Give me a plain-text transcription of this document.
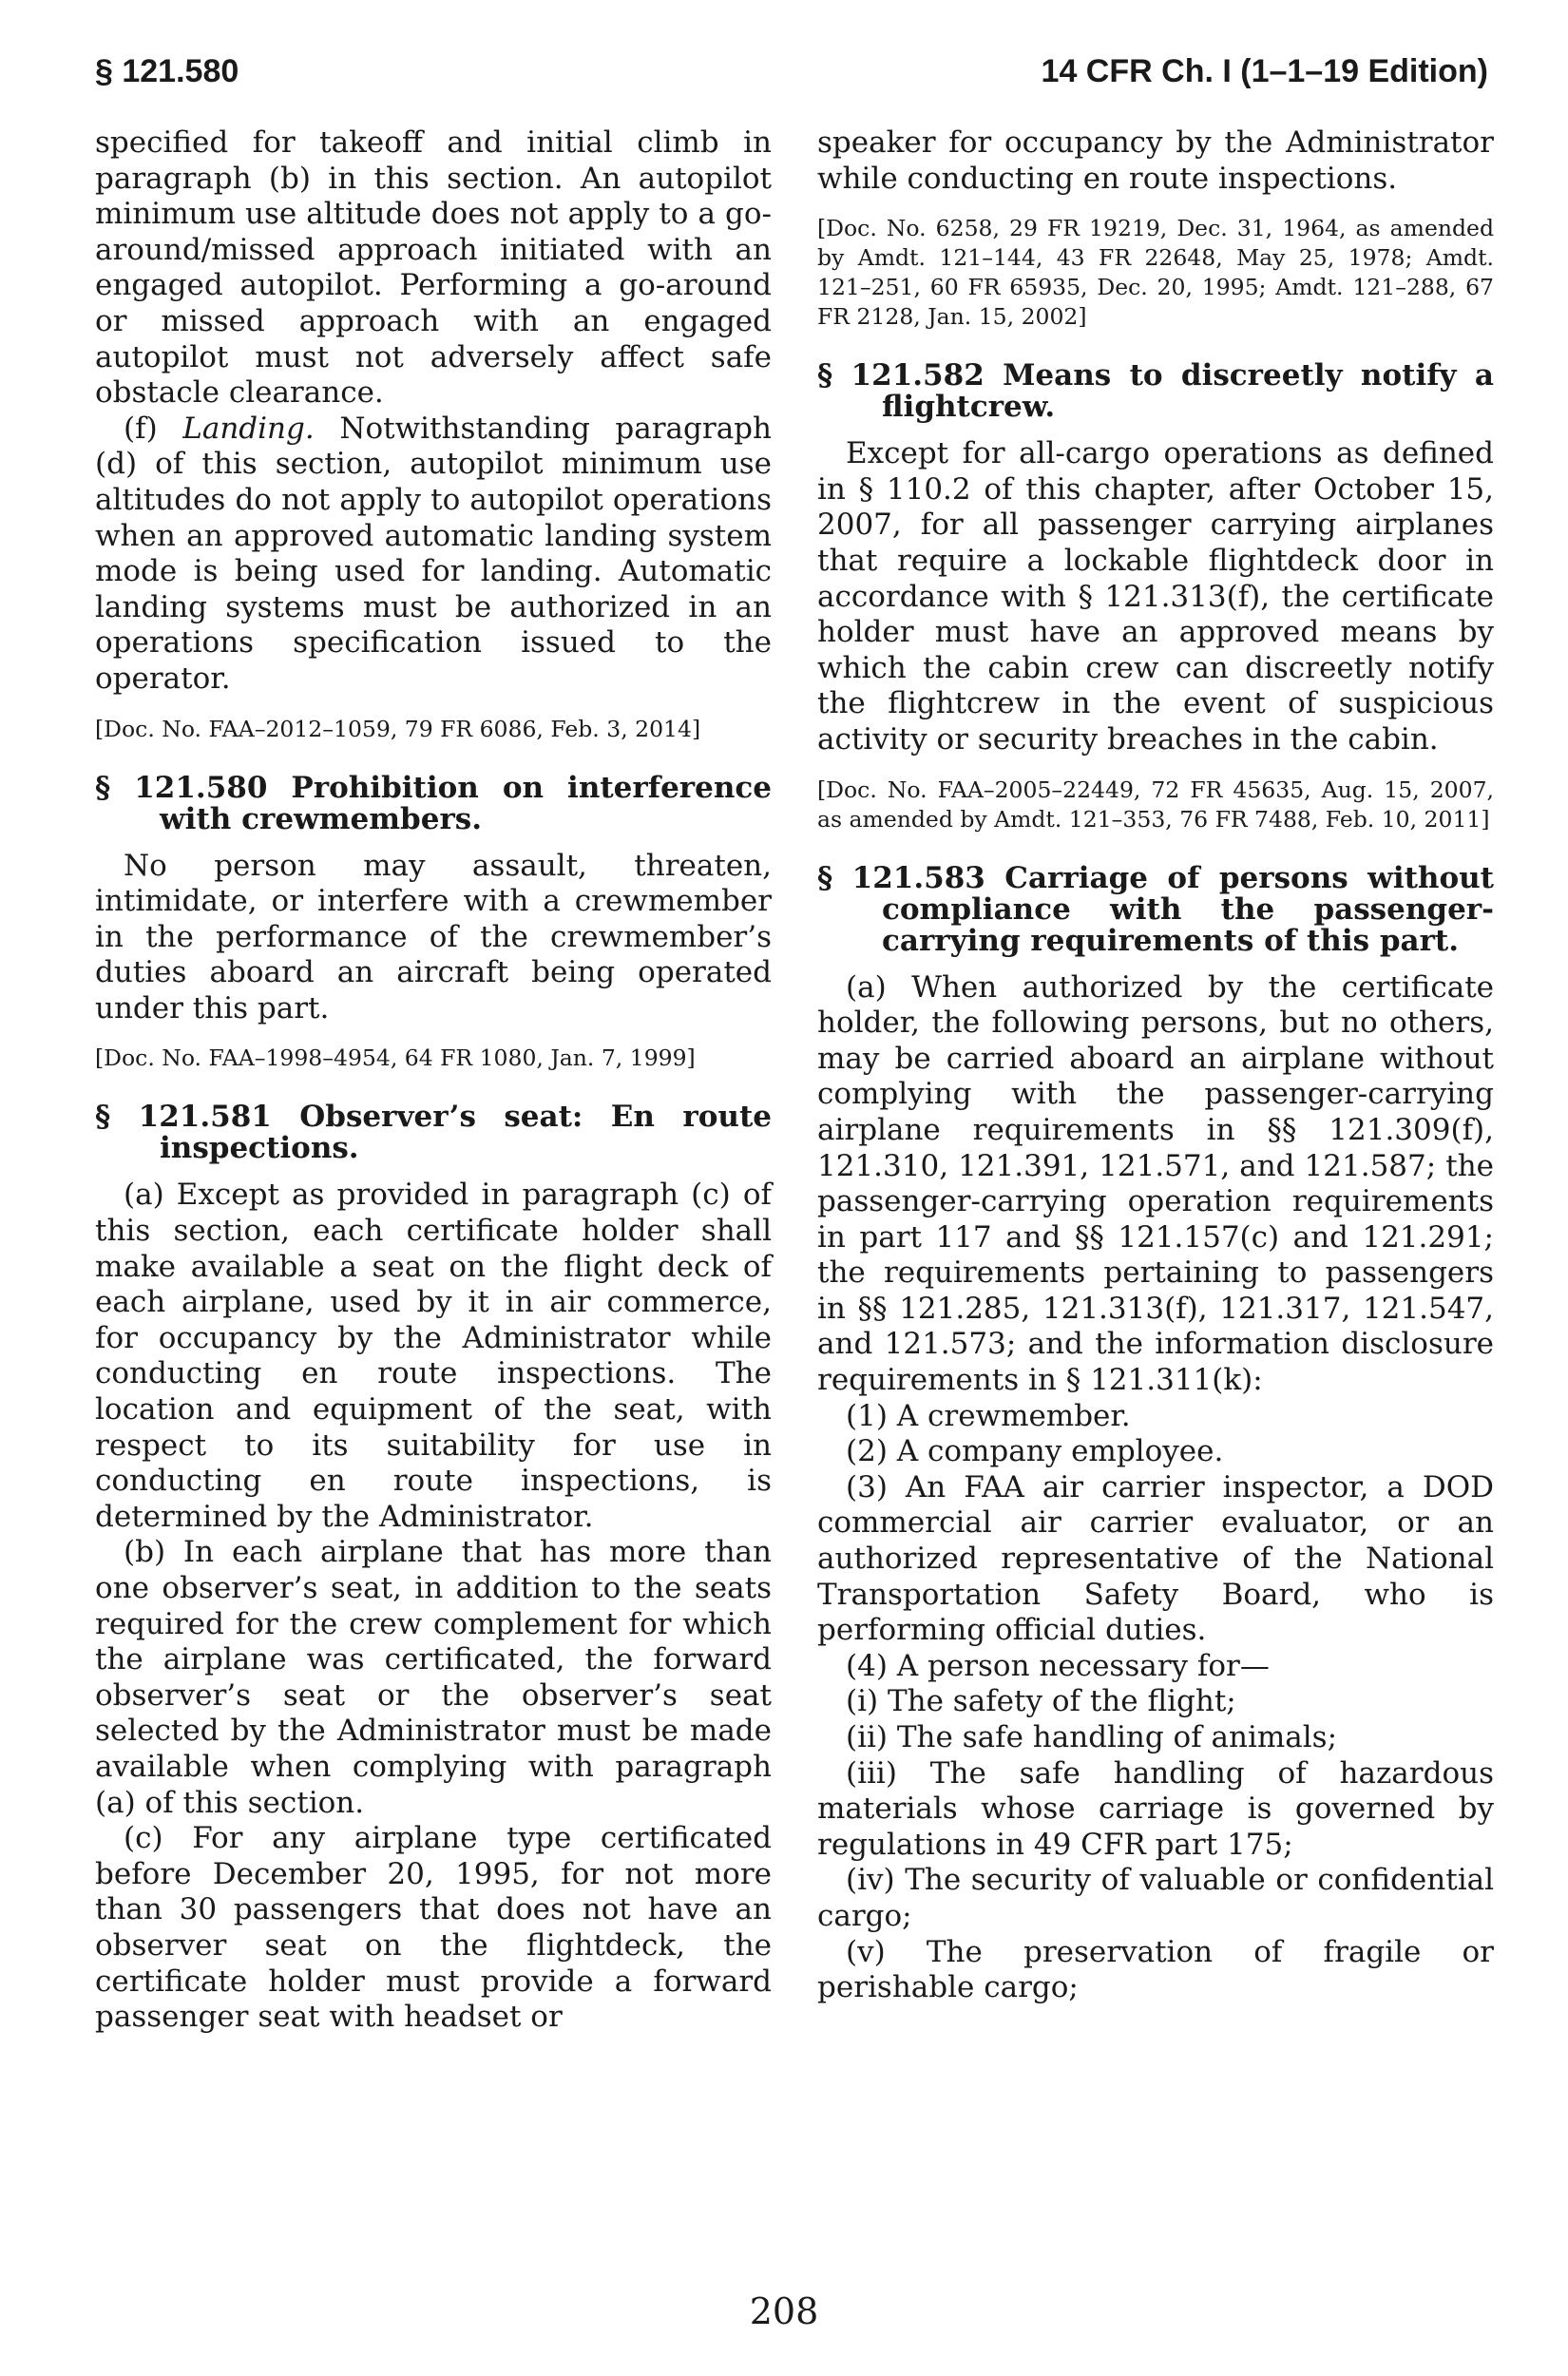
§ 121.580	14 CFR Ch. I (1–1–19 Edition)

specified for takeoff and initial climb in paragraph (b) in this section. An autopilot minimum use altitude does not apply to a go-around/missed approach initiated with an engaged autopilot. Performing a go-around or missed approach with an engaged autopilot must not adversely affect safe obstacle clearance.

(f) Landing. Notwithstanding paragraph (d) of this section, autopilot minimum use altitudes do not apply to autopilot operations when an approved automatic landing system mode is being used for landing. Automatic landing systems must be authorized in an operations specification issued to the operator.

[Doc. No. FAA–2012–1059, 79 FR 6086, Feb. 3, 2014]

§ 121.580 Prohibition on interference with crewmembers.

No person may assault, threaten, intimidate, or interfere with a crewmember in the performance of the crewmember’s duties aboard an aircraft being operated under this part.

[Doc. No. FAA–1998–4954, 64 FR 1080, Jan. 7, 1999]

§ 121.581 Observer’s seat: En route inspections.

(a) Except as provided in paragraph (c) of this section, each certificate holder shall make available a seat on the flight deck of each airplane, used by it in air commerce, for occupancy by the Administrator while conducting en route inspections. The location and equipment of the seat, with respect to its suitability for use in conducting en route inspections, is determined by the Administrator.

(b) In each airplane that has more than one observer’s seat, in addition to the seats required for the crew complement for which the airplane was certificated, the forward observer’s seat or the observer’s seat selected by the Administrator must be made available when complying with paragraph (a) of this section.

(c) For any airplane type certificated before December 20, 1995, for not more than 30 passengers that does not have an observer seat on the flightdeck, the certificate holder must provide a forward passenger seat with headset or

speaker for occupancy by the Administrator while conducting en route inspections.

[Doc. No. 6258, 29 FR 19219, Dec. 31, 1964, as amended by Amdt. 121–144, 43 FR 22648, May 25, 1978; Amdt. 121–251, 60 FR 65935, Dec. 20, 1995; Amdt. 121–288, 67 FR 2128, Jan. 15, 2002]

§ 121.582 Means to discreetly notify a flightcrew.

Except for all-cargo operations as defined in § 110.2 of this chapter, after October 15, 2007, for all passenger carrying airplanes that require a lockable flightdeck door in accordance with § 121.313(f), the certificate holder must have an approved means by which the cabin crew can discreetly notify the flightcrew in the event of suspicious activity or security breaches in the cabin.

[Doc. No. FAA–2005–22449, 72 FR 45635, Aug. 15, 2007, as amended by Amdt. 121–353, 76 FR 7488, Feb. 10, 2011]

§ 121.583 Carriage of persons without compliance with the passenger-carrying requirements of this part.

(a) When authorized by the certificate holder, the following persons, but no others, may be carried aboard an airplane without complying with the passenger-carrying airplane requirements in §§ 121.309(f), 121.310, 121.391, 121.571, and 121.587; the passenger-carrying operation requirements in part 117 and §§ 121.157(c) and 121.291; the requirements pertaining to passengers in §§ 121.285, 121.313(f), 121.317, 121.547, and 121.573; and the information disclosure requirements in § 121.311(k):

(1) A crewmember.

(2) A company employee.

(3) An FAA air carrier inspector, a DOD commercial air carrier evaluator, or an authorized representative of the National Transportation Safety Board, who is performing official duties.

(4) A person necessary for—

(i) The safety of the flight;

(ii) The safe handling of animals;

(iii) The safe handling of hazardous materials whose carriage is governed by regulations in 49 CFR part 175;

(iv) The security of valuable or confidential cargo;

(v) The preservation of fragile or perishable cargo;

208
